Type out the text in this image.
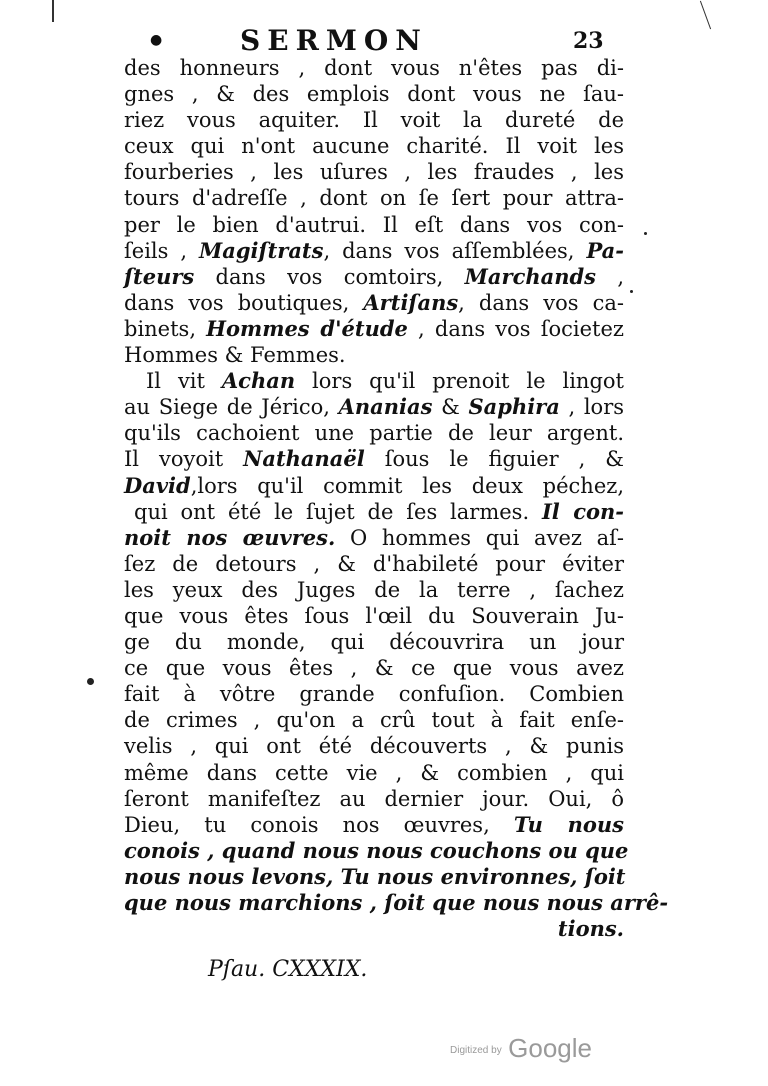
●	SERMON	23
des honneurs , dont vous n'êtes pas di-
gnes , & des emplois dont vous ne ſau-
riez vous aquiter. Il voit la dureté de
ceux qui n'ont aucune charité. Il voit les
fourberies , les uſures , les fraudes , les
tours d'adreſſe , dont on ſe ſert pour attra-
per le bien d'autrui. Il eſt dans vos con-
ſeils , Magiſtrats, dans vos aſſemblées, Pa-
ſteurs dans vos comtoirs, Marchands ,
dans vos boutiques, Artiſans, dans vos ca-
binets, Hommes d'étude , dans vos ſocietez
Hommes & Femmes.
Il vit Achan lors qu'il prenoit le lingot
au Siege de Jérico, Ananias & Saphira , lors
qu'ils cachoient une partie de leur argent.
Il voyoit Nathanaël ſous le figuier , &
David,lors qu'il commit les deux péchez,
qui ont été le ſujet de ſes larmes. Il con-
noit nos œuvres. O hommes qui avez aſ-
ſez de detours , & d'habileté pour éviter
les yeux des Juges de la terre , ſachez
que vous êtes ſous l'œil du Souverain Ju-
ge du monde, qui découvrira un jour
ce que vous êtes , & ce que vous avez
fait à vôtre grande confuſion. Combien
de crimes , qu'on a crû tout à fait enſe-
velis , qui ont été découverts , & punis
même dans cette vie , & combien , qui
ſeront manifeſtez au dernier jour. Oui, ô
Dieu, tu conois nos œuvres, Tu nous
conois , quand nous nous couchons ou que
nous nous levons, Tu nous environnes, ſoit
que nous marchions , ſoit que nous nous arrê-
tions.
Pſau. CXXXIX.
$^{Digitized by}$ Google
